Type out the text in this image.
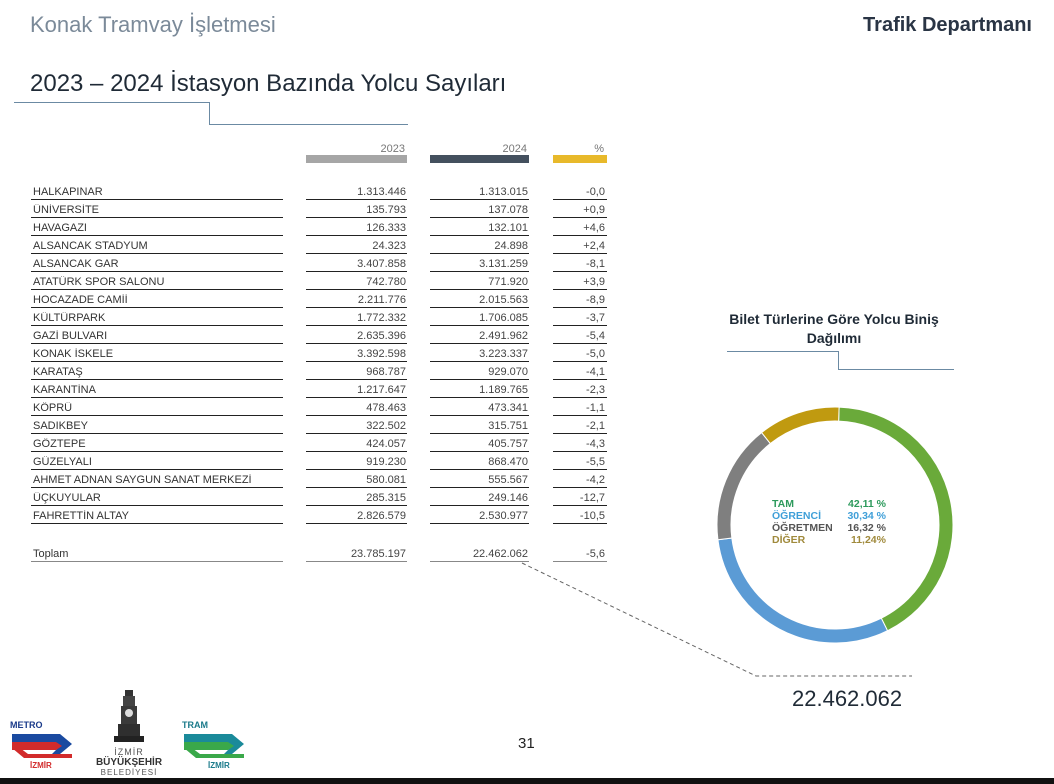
Konak Tramvay İşletmesi	Trafik Departmanı
2023 – 2024 İstasyon Bazında Yolcu Sayıları
2023	2024	%
HALKAPINAR	1.313.446	1.313.015	-0,0
ÜNİVERSİTE	135.793	137.078	+0,9
HAVAGAZI	126.333	132.101	+4,6
ALSANCAK STADYUM	24.323	24.898	+2,4
ALSANCAK GAR	3.407.858	3.131.259	-8,1
ATATÜRK SPOR SALONU	742.780	771.920	+3,9
HOCAZADE CAMİİ	2.211.776	2.015.563	-8,9
KÜLTÜRPARK	1.772.332	1.706.085	-3,7
GAZİ BULVARI	2.635.396	2.491.962	-5,4
KONAK İSKELE	3.392.598	3.223.337	-5,0
KARATAŞ	968.787	929.070	-4,1
KARANTİNA	1.217.647	1.189.765	-2,3
KÖPRÜ	478.463	473.341	-1,1
SADIKBEY	322.502	315.751	-2,1
GÖZTEPE	424.057	405.757	-4,3
GÜZELYALI	919.230	868.470	-5,5
AHMET ADNAN SAYGUN SANAT MERKEZİ	580.081	555.567	-4,2
ÜÇKUYULAR	285.315	249.146	-12,7
FAHRETTİN ALTAY	2.826.579	2.530.977	-10,5
Toplam	23.785.197	22.462.062	-5,6
Bilet Türlerine Göre Yolcu Biniş
Dağılımı
TAM	42,11 %
ÖĞRENCİ	30,34 %
ÖĞRETMEN	16,32 %
DİĞER	11,24%
22.462.062
31
METRO
İZMİR
İZMİR
BÜYÜKŞEHİR
BELEDİYESİ
TRAM
İZMİR
